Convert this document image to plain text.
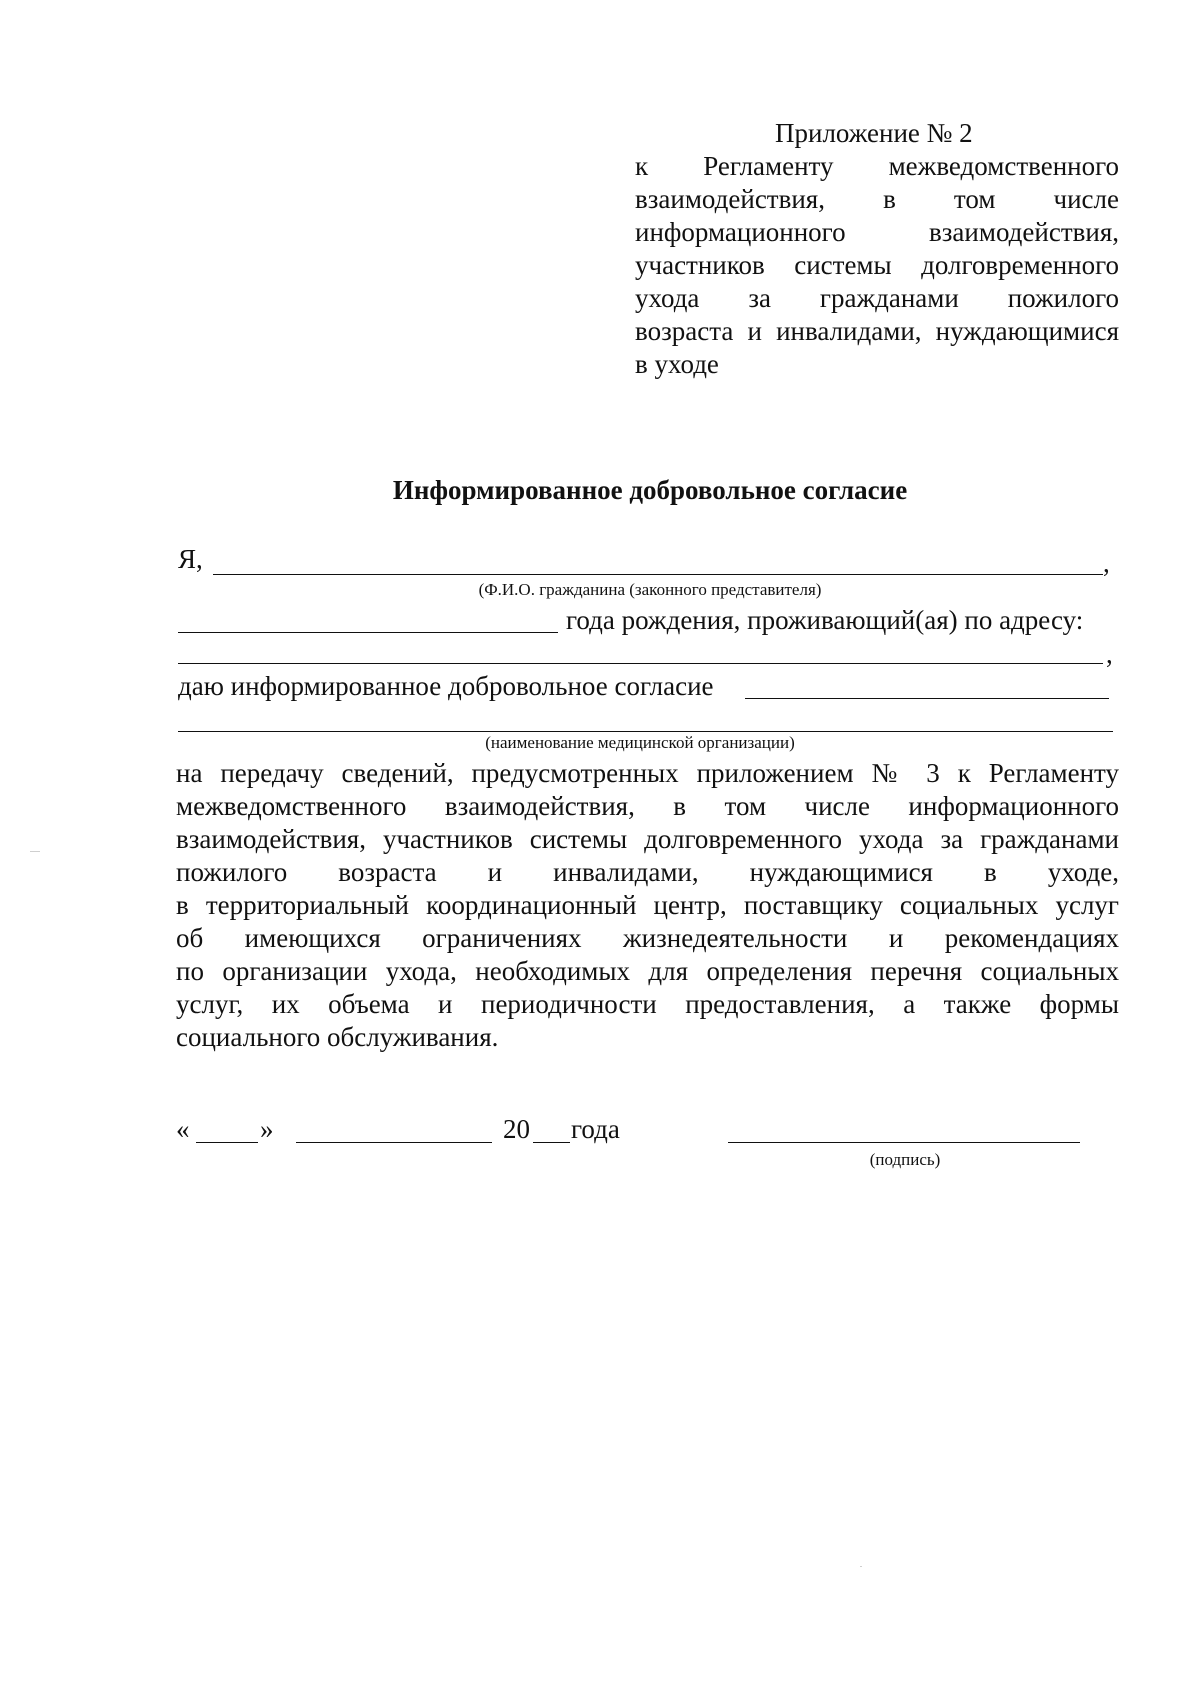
Приложение № 2
к Регламенту межведомственного
взаимодействия, в том числе
информационного взаимодействия,
участников системы долговременного
ухода за гражданами пожилого
возраста и инвалидами, нуждающимися
в уходе
Информированное добровольное согласие
Я,	,
(Ф.И.О. гражданина (законного представителя)
года рождения, проживающий(ая) по адресу:
,
даю информированное добровольное согласие
(наименование медицинской организации)
на передачу сведений, предусмотренных приложением № 3 к Регламенту
межведомственного взаимодействия, в том числе информационного
взаимодействия, участников системы долговременного ухода за гражданами
пожилого возраста и инвалидами, нуждающимися в уходе,
в территориальный координационный центр, поставщику социальных услуг
об имеющихся ограничениях жизнедеятельности и рекомендациях
по организации ухода, необходимых для определения перечня социальных
услуг, их объема и периодичности предоставления, а также формы
социального обслуживания.
«	»	20 года
(подпись)
